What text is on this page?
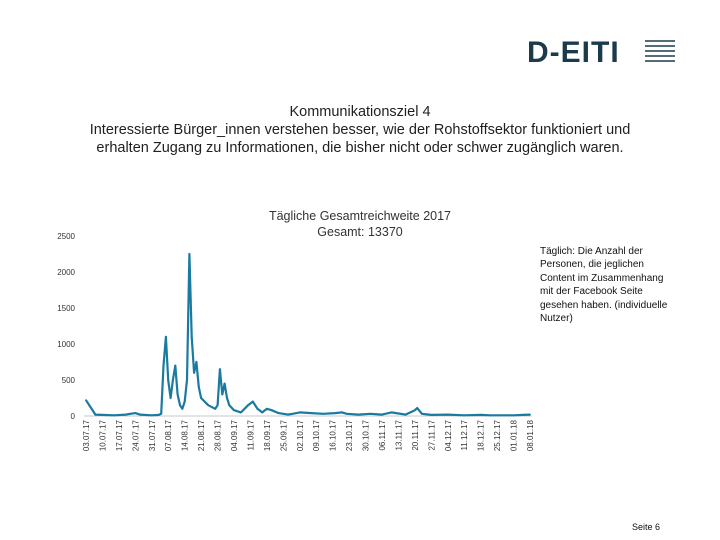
D-EITI
Kommunikationsziel 4
Interessierte Bürger_innen verstehen besser, wie der Rohstoffsektor funktioniert und
erhalten Zugang zu Informationen, die bisher nicht oder schwer zugänglich waren.
Tägliche Gesamtreichweite 2017
Gesamt: 13370
0
500
1000
1500
2000
2500
03.07.17 10.07.17 17.07.17 24.07.17 31.07.17 07.08.17 14.08.17 21.08.17 28.08.17 04.09.17 11.09.17 18.09.17 25.09.17 02.10.17 09.10.17 16.10.17 23.10.17 30.10.17 06.11.17 13.11.17 20.11.17 27.11.17 04.12.17 11.12.17 18.12.17 25.12.17 01.01.18 08.01.18
Täglich: Die Anzahl der Personen, die jeglichen Content im Zusammenhang mit der Facebook Seite gesehen haben. (individuelle Nutzer)
Seite 6
